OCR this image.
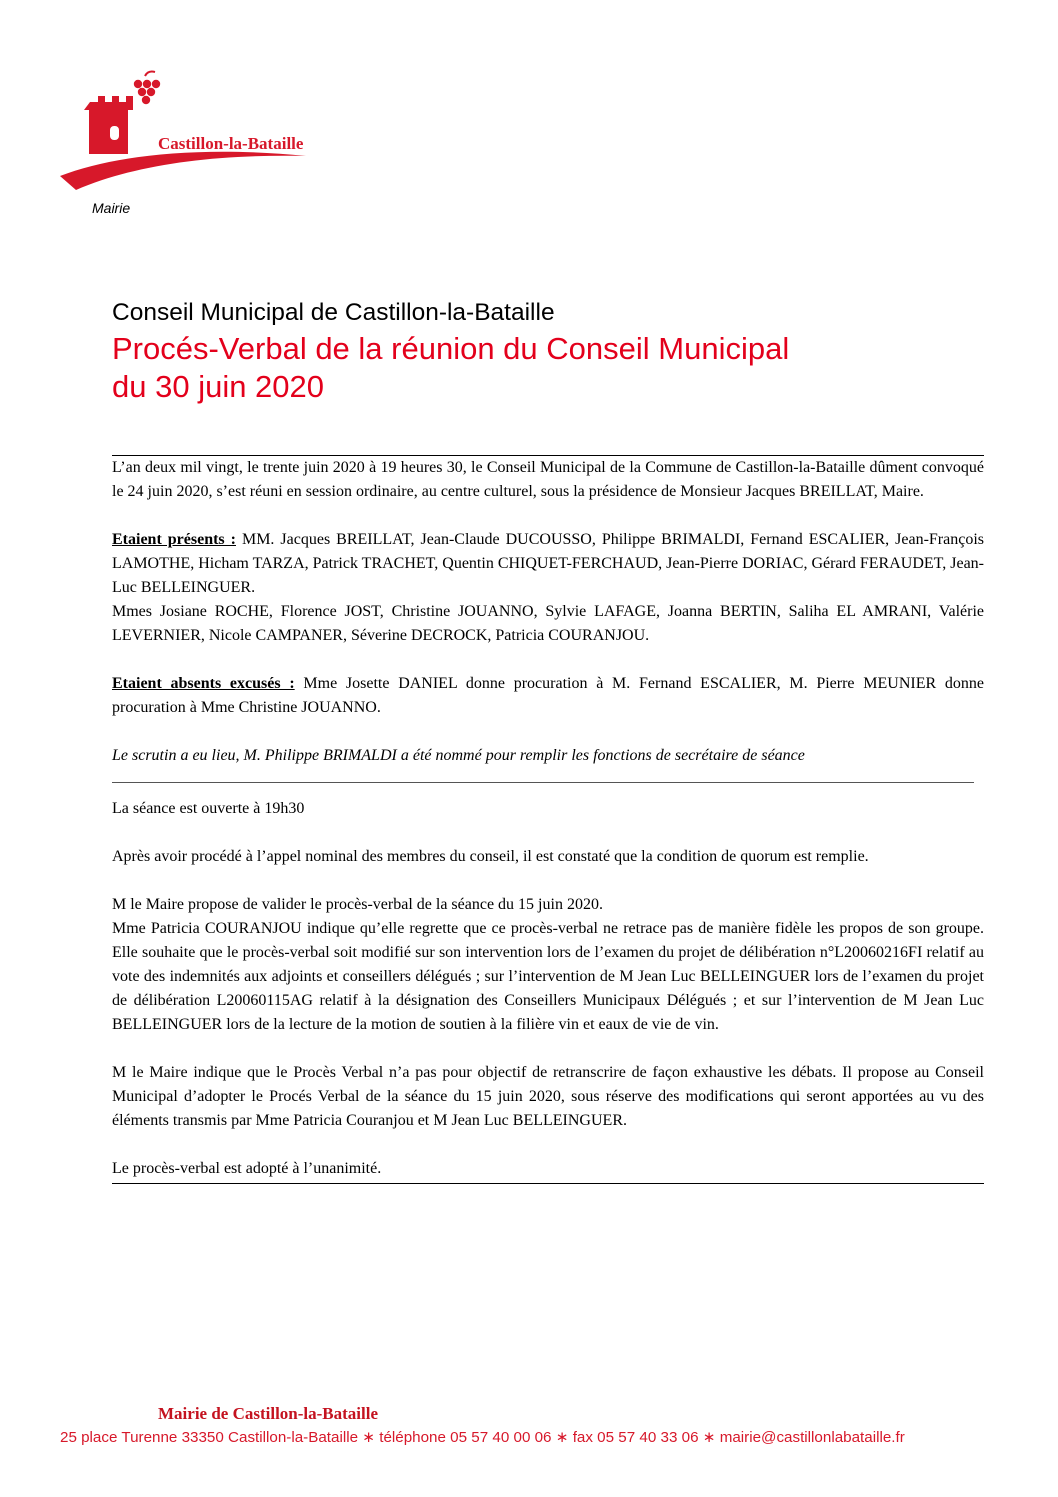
Castillon-la-Bataille
Mairie
Conseil Municipal de Castillon-la-Bataille
Procés-Verbal de la réunion du Conseil Municipal
du 30 juin 2020

L’an deux mil vingt, le trente juin 2020 à 19 heures 30, le Conseil Municipal de la Commune de Castillon-la-Bataille dûment convoqué le 24 juin 2020, s’est réuni en session ordinaire, au centre culturel, sous la présidence de Monsieur Jacques BREILLAT, Maire.

Etaient présents : MM. Jacques BREILLAT, Jean-Claude DUCOUSSO, Philippe BRIMALDI, Fernand ESCALIER, Jean-François LAMOTHE, Hicham TARZA, Patrick TRACHET, Quentin CHIQUET-FERCHAUD, Jean-Pierre DORIAC, Gérard FERAUDET, Jean-Luc BELLEINGUER.

Mmes Josiane ROCHE, Florence JOST, Christine JOUANNO, Sylvie LAFAGE, Joanna BERTIN, Saliha EL AMRANI, Valérie LEVERNIER, Nicole CAMPANER, Séverine DECROCK, Patricia COURANJOU.

Etaient absents excusés : Mme Josette DANIEL donne procuration à M. Fernand ESCALIER, M. Pierre MEUNIER donne procuration à Mme Christine JOUANNO.

Le scrutin a eu lieu, M. Philippe BRIMALDI a été nommé pour remplir les fonctions de secrétaire de séance

La séance est ouverte à 19h30

Après avoir procédé à l’appel nominal des membres du conseil, il est constaté que la condition de quorum est remplie.

M le Maire propose de valider le procès-verbal de la séance du 15 juin 2020.

Mme Patricia COURANJOU indique qu’elle regrette que ce procès-verbal ne retrace pas de manière fidèle les propos de son groupe. Elle souhaite que le procès-verbal soit modifié sur son intervention lors de l’examen du projet de délibération n°L20060216FI relatif au vote des indemnités aux adjoints et conseillers délégués ; sur l’intervention de M Jean Luc BELLEINGUER lors de l’examen du projet de délibération L20060115AG relatif à la désignation des Conseillers Municipaux Délégués ; et sur l’intervention de M Jean Luc BELLEINGUER lors de la lecture de la motion de soutien à la filière vin et eaux de vie de vin.

M le Maire indique que le Procès Verbal n’a pas pour objectif de retranscrire de façon exhaustive les débats. Il propose au Conseil Municipal d’adopter le Procés Verbal de la séance du 15 juin 2020, sous réserve des modifications qui seront apportées au vu des éléments transmis par Mme Patricia Couranjou et M Jean Luc BELLEINGUER.

Le procès-verbal est adopté à l’unanimité.

Mairie de Castillon-la-Bataille
25 place Turenne 33350 Castillon-la-Bataille ∗ téléphone 05 57 40 00 06 ∗ fax 05 57 40 33 06 ∗ mairie@castillonlabataille.fr
